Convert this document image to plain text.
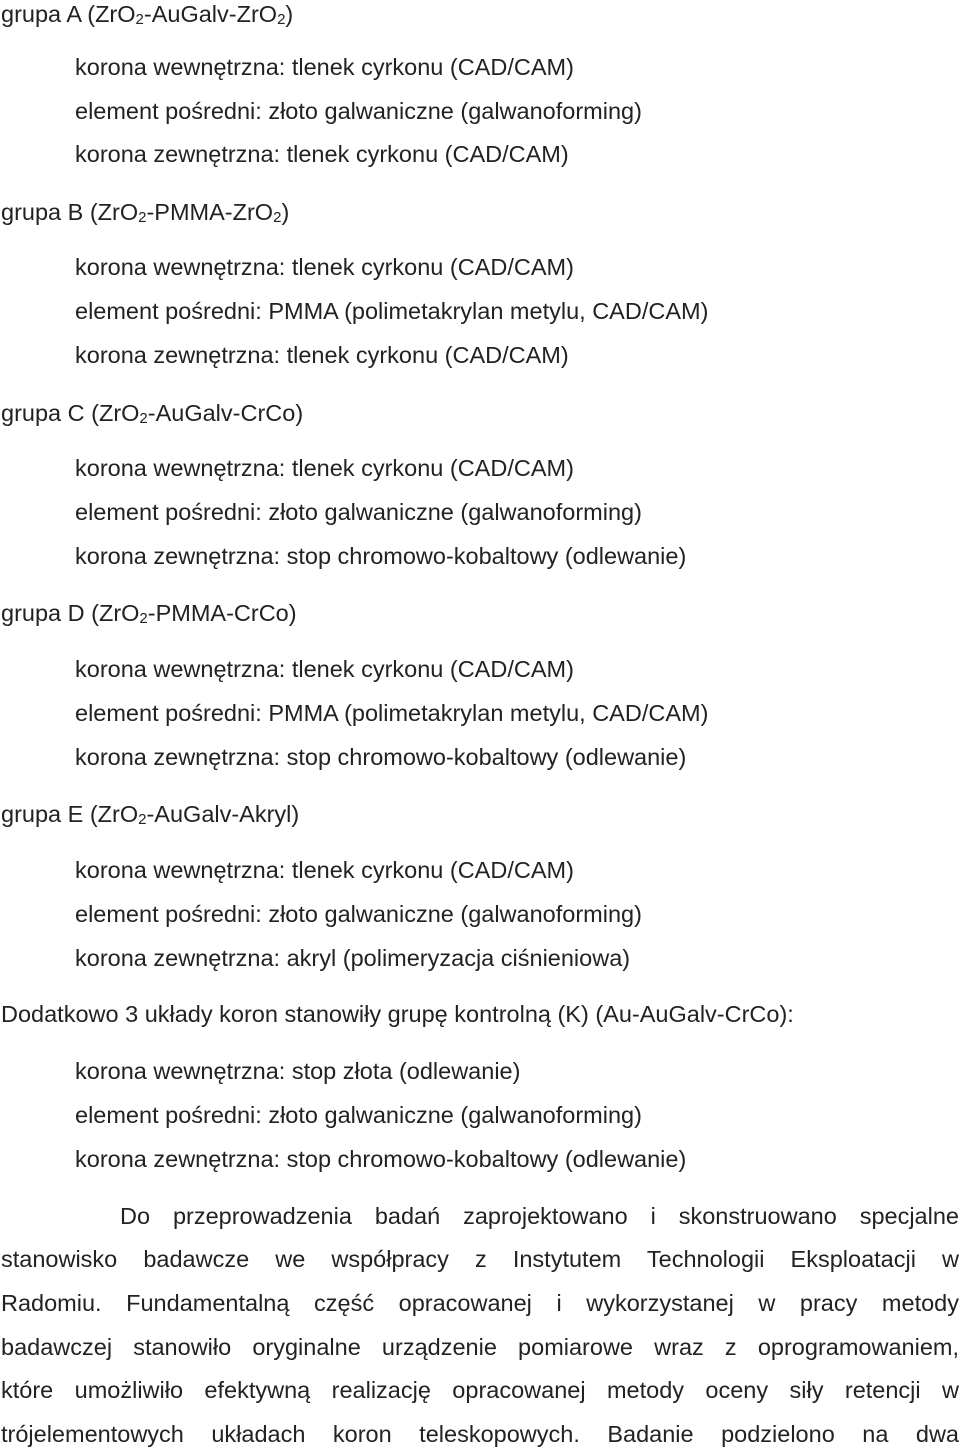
grupa A (ZrO$_2$-AuGalv-ZrO$_2$)
korona wewnętrzna: tlenek cyrkonu (CAD/CAM)
element pośredni: złoto galwaniczne (galwanoforming)
korona zewnętrzna: tlenek cyrkonu (CAD/CAM)
grupa B (ZrO$_2$-PMMA-ZrO$_2$)
korona wewnętrzna: tlenek cyrkonu (CAD/CAM)
element pośredni: PMMA (polimetakrylan metylu, CAD/CAM)
korona zewnętrzna: tlenek cyrkonu (CAD/CAM)
grupa C (ZrO$_2$-AuGalv-CrCo)
korona wewnętrzna: tlenek cyrkonu (CAD/CAM)
element pośredni: złoto galwaniczne (galwanoforming)
korona zewnętrzna: stop chromowo-kobaltowy (odlewanie)
grupa D (ZrO$_2$-PMMA-CrCo)
korona wewnętrzna: tlenek cyrkonu (CAD/CAM)
element pośredni: PMMA (polimetakrylan metylu, CAD/CAM)
korona zewnętrzna: stop chromowo-kobaltowy (odlewanie)
grupa E (ZrO$_2$-AuGalv-Akryl)
korona wewnętrzna: tlenek cyrkonu (CAD/CAM)
element pośredni: złoto galwaniczne (galwanoforming)
korona zewnętrzna: akryl (polimeryzacja ciśnieniowa)
Dodatkowo 3 układy koron stanowiły grupę kontrolną (K) (Au-AuGalv-CrCo):
korona wewnętrzna: stop złota (odlewanie)
element pośredni: złoto galwaniczne (galwanoforming)
korona zewnętrzna: stop chromowo-kobaltowy (odlewanie)
Do przeprowadzenia badań zaprojektowano i skonstruowano specjalne
stanowisko badawcze we współpracy z Instytutem Technologii Eksploatacji w
Radomiu. Fundamentalną część opracowanej i wykorzystanej w pracy metody
badawczej stanowiło oryginalne urządzenie pomiarowe wraz z oprogramowaniem,
które umożliwiło efektywną realizację opracowanej metody oceny siły retencji w
trójelementowych układach koron teleskopowych. Badanie podzielono na dwa
